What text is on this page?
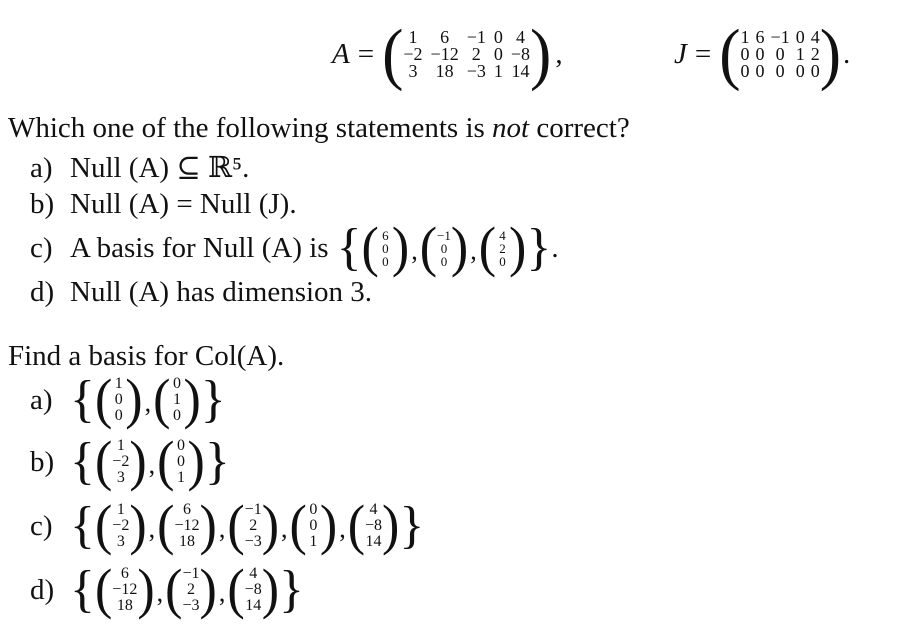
A = ( 1	6 −1 0 4
−2 −12 2 0 −8
3 18 −3 1 14 ) ,	J = ( 1 6 −1 0 4
0 0 0 1 2
0 0 0 0 0 ) .
Which one of the following statements is not correct?
a) Null (A) ⊆ ℝ⁵.
b) Null (A) = Null (J).
c) A basis for Null (A) is { ( 6
0
0 ) , ( −1
0
0 ) , ( 4
2
0 ) } .
d) Null (A) has dimension 3.
Find a basis for Col(A).
a) { ( 1
0
0 ) , ( 0
1
0 ) }
b) { ( 1
−2
3 ) , ( 0
0
1 ) }
c) { ( 1
−2
3 ) , ( 6
−12
18 ) , ( −1
2
−3 ) , ( 0
0
1 ) , ( 4
−8
14 ) }
d) { ( 6
−12
18 ) , ( −1
2
−3 ) , ( 4
−8
14 ) }
